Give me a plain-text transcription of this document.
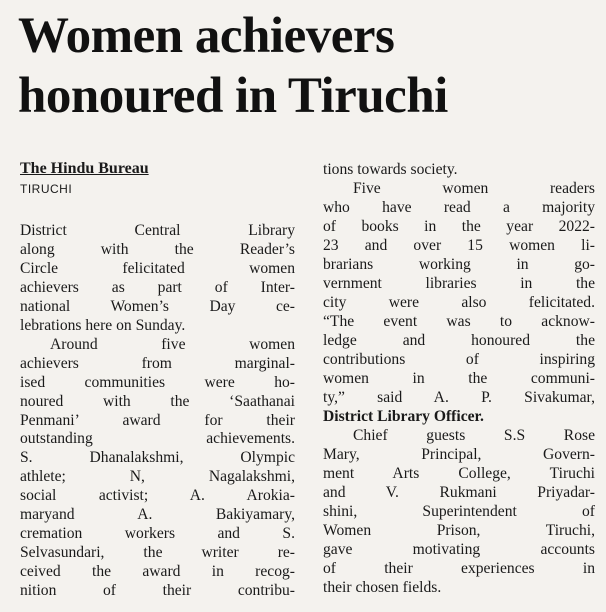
Women achievers
honoured in Tiruchi
The Hindu Bureau
TIRUCHI
District Central Library
along with the Reader’s
Circle felicitated women
achievers as part of Inter-
national Women’s Day ce-
lebrations here on Sunday.
Around five women
achievers from marginal-
ised communities were ho-
noured with the ‘Saathanai
Penmani’ award for their
outstanding achievements.
S. Dhanalakshmi, Olympic
athlete; N, Nagalakshmi,
social activist; A. Arokia-
maryand A. Bakiyamary,
cremation workers and S.
Selvasundari, the writer re-
ceived the award in recog-
nition of their contribu-
tions towards society.
Five women readers
who have read a majority
of books in the year 2022-
23 and over 15 women li-
brarians working in go-
vernment libraries in the
city were also felicitated.
“The event was to acknow-
ledge and honoured the
contributions of inspiring
women in the communi-
ty,” said A. P. Sivakumar,
District Library Officer.
Chief guests S.S Rose
Mary, Principal, Govern-
ment Arts College, Tiruchi
and V. Rukmani Priyadar-
shini, Superintendent of
Women Prison, Tiruchi,
gave motivating accounts
of their experiences in
their chosen fields.
